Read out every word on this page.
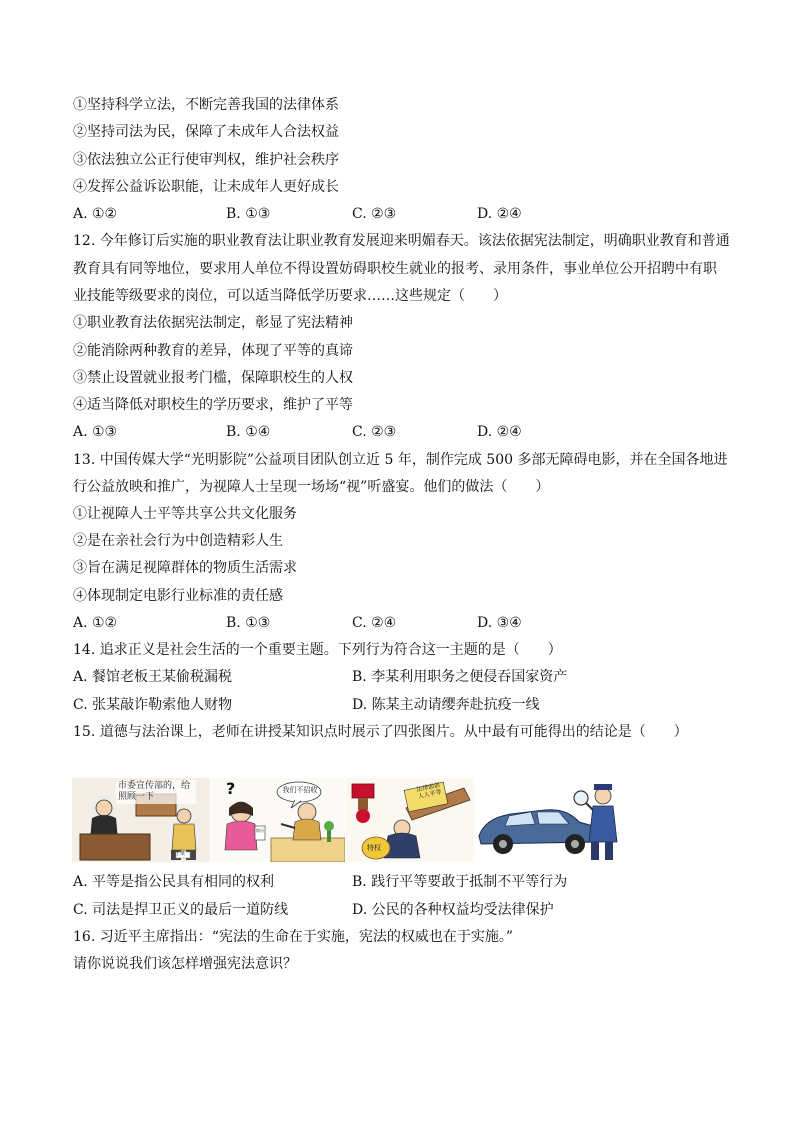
①坚持科学立法，不断完善我国的法律体系
②坚持司法为民，保障了未成年人合法权益
③依法独立公正行使审判权，维护社会秩序
④发挥公益诉讼职能，让未成年人更好成长
A. ①②	B. ①③	C. ②③	D. ②④
12. 今年修订后实施的职业教育法让职业教育发展迎来明媚春天。该法依据宪法制定，明确职业教育和普通
教育具有同等地位，要求用人单位不得设置妨碍职校生就业的报考、录用条件，事业单位公开招聘中有职
业技能等级要求的岗位，可以适当降低学历要求……这些规定（　　）
①职业教育法依据宪法制定，彰显了宪法精神
②能消除两种教育的差异，体现了平等的真谛
③禁止设置就业报考门槛，保障职校生的人权
④适当降低对职校生的学历要求，维护了平等
A. ①③	B. ①④	C. ②③	D. ②④
13. 中国传媒大学“光明影院”公益项目团队创立近 5 年，制作完成 500 多部无障碍电影，并在全国各地进
行公益放映和推广，为视障人士呈现一场场“视”听盛宴。他们的做法（　　）
①让视障人士平等共享公共文化服务
②是在亲社会行为中创造精彩人生
③旨在满足视障群体的物质生活需求
④体现制定电影行业标准的责任感
A. ①②	B. ①③	C. ②④	D. ③④
14. 追求正义是社会生活的一个重要主题。下列行为符合这一主题的是（　　）
A. 餐馆老板王某偷税漏税	B. 李某利用职务之便侵吞国家资产
C. 张某敲诈勒索他人财物	D. 陈某主动请缨奔赴抗疫一线
15. 道德与法治课上，老师在讲授某知识点时展示了四张图片。从中最有可能得出的结论是（　　）
市委宣传部的，给照顾一下
王某
?	我们不招收
简历
法律面前人人平等
特权
A. 平等是指公民具有相同的权利	B. 践行平等要敢于抵制不平等行为
C. 司法是捍卫正义的最后一道防线	D. 公民的各种权益均受法律保护
16. 习近平主席指出：“宪法的生命在于实施，宪法的权威也在于实施。”
请你说说我们该怎样增强宪法意识？
